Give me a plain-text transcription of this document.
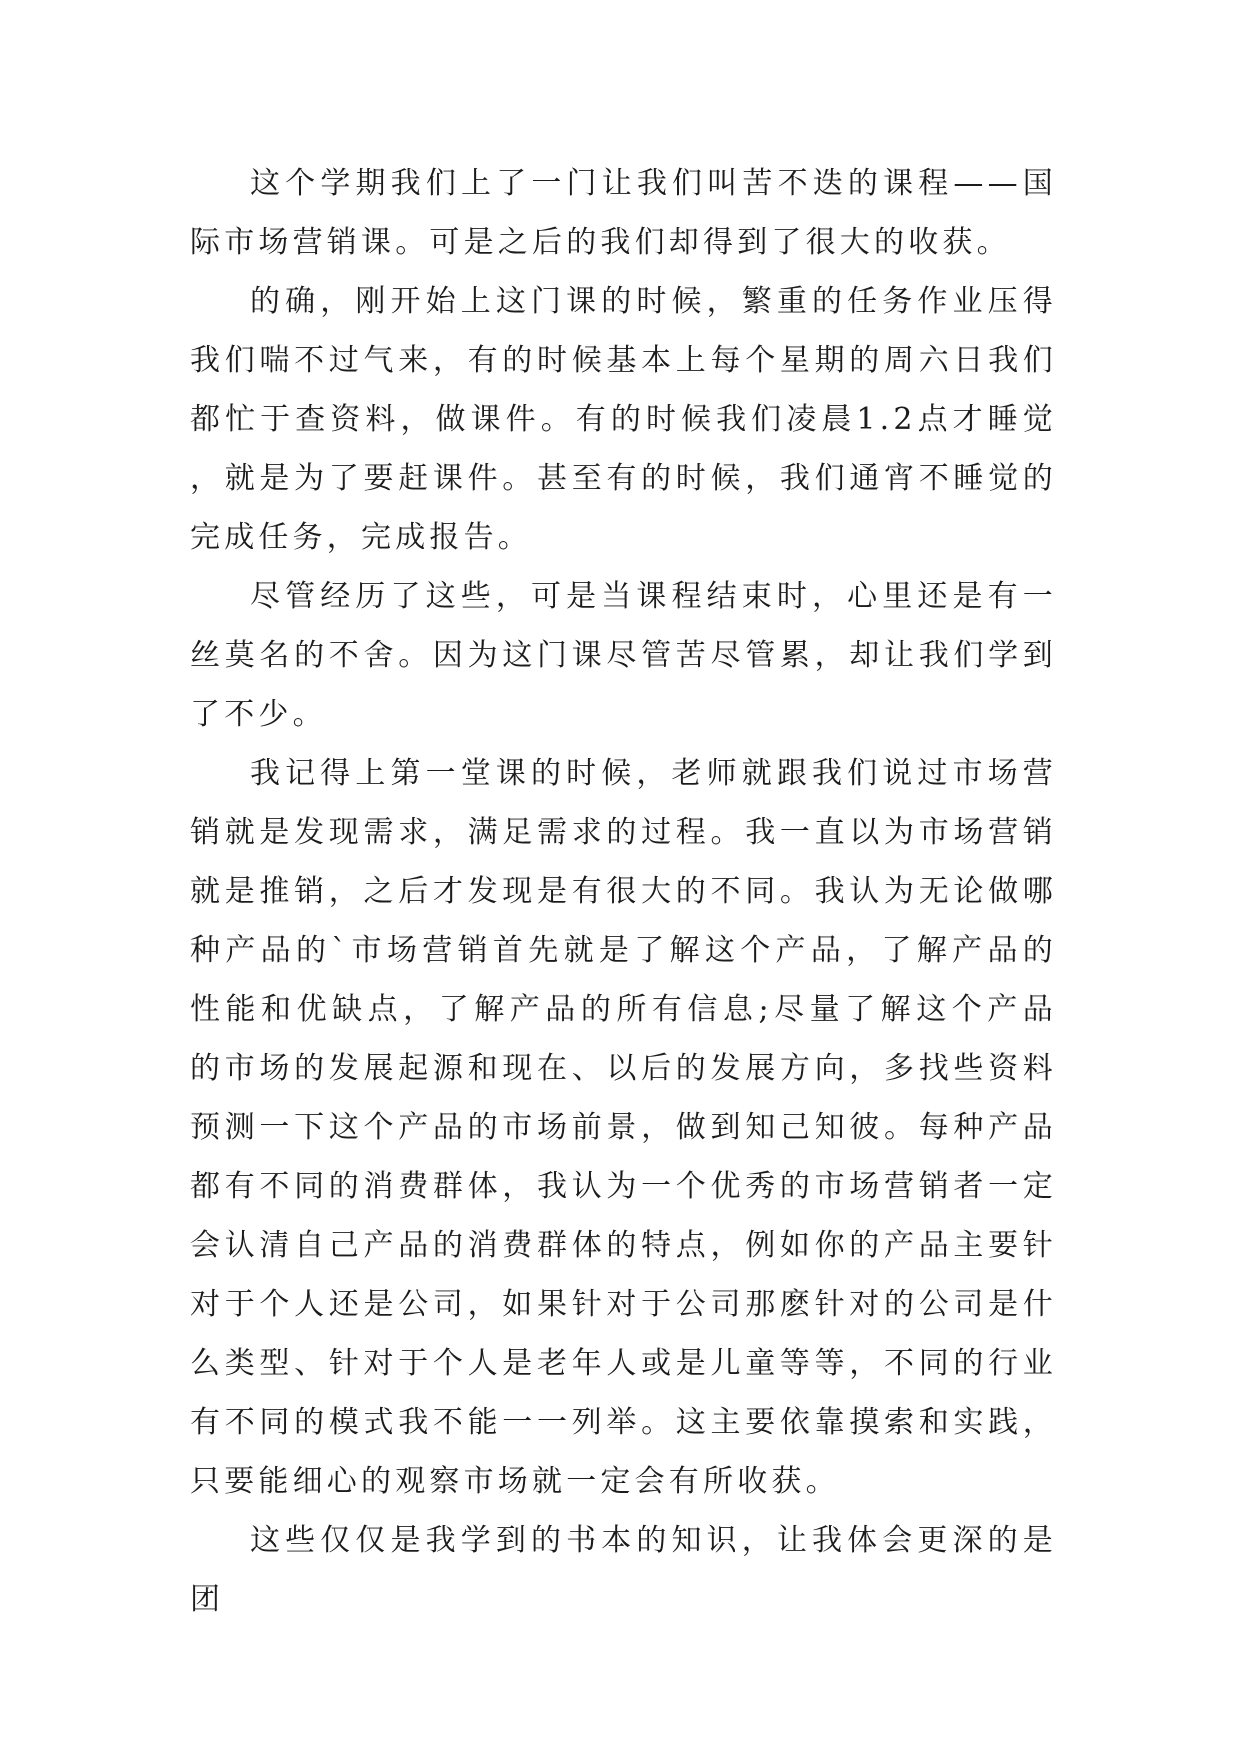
这个学期我们上了一门让我们叫苦不迭的课程——国际市场营销课。可是之后的我们却得到了很大的收获。

的确，刚开始上这门课的时候，繁重的任务作业压得我们喘不过气来，有的时候基本上每个星期的周六日我们都忙于查资料，做课件。有的时候我们凌晨1.2点才睡觉，就是为了要赶课件。甚至有的时候，我们通宵不睡觉的完成任务，完成报告。

尽管经历了这些，可是当课程结束时，心里还是有一丝莫名的不舍。因为这门课尽管苦尽管累，却让我们学到了不少。

我记得上第一堂课的时候，老师就跟我们说过市场营销就是发现需求，满足需求的过程。我一直以为市场营销就是推销，之后才发现是有很大的不同。我认为无论做哪种产品的`市场营销首先就是了解这个产品，了解产品的性能和优缺点，了解产品的所有信息;尽量了解这个产品的市场的发展起源和现在、以后的发展方向，多找些资料预测一下这个产品的市场前景，做到知己知彼。每种产品都有不同的消费群体，我认为一个优秀的市场营销者一定会认清自己产品的消费群体的特点，例如你的产品主要针对于个人还是公司，如果针对于公司那麽针对的公司是什么类型、针对于个人是老年人或是儿童等等，不同的行业有不同的模式我不能一一列举。这主要依靠摸索和实践，只要能细心的观察市场就一定会有所收获。

这些仅仅是我学到的书本的知识，让我体会更深的是团
